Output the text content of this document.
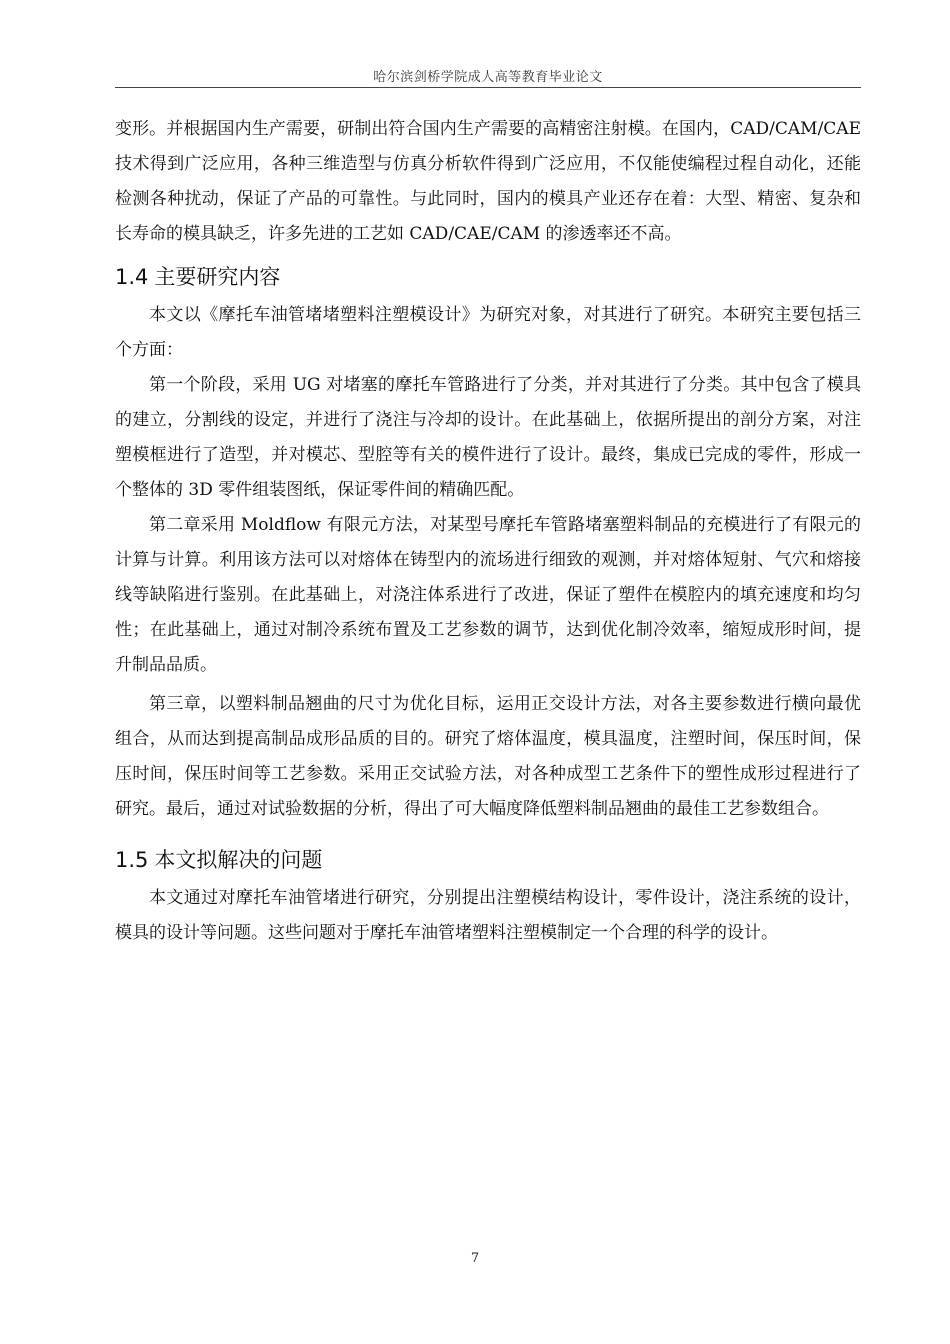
哈尔滨剑桥学院成人高等教育毕业论文

变形。并根据国内生产需要，研制出符合国内生产需要的高精密注射模。在国内，CAD/CAM/CAE 技术得到广泛应用，各种三维造型与仿真分析软件得到广泛应用，不仅能使编程过程自动化，还能检测各种扰动，保证了产品的可靠性。与此同时，国内的模具产业还存在着：大型、精密、复杂和长寿命的模具缺乏，许多先进的工艺如 CAD/CAE/CAM 的渗透率还不高。

1.4 主要研究内容

本文以《摩托车油管堵堵塑料注塑模设计》为研究对象，对其进行了研究。本研究主要包括三个方面：

第一个阶段，采用 UG 对堵塞的摩托车管路进行了分类，并对其进行了分类。其中包含了模具的建立，分割线的设定，并进行了浇注与冷却的设计。在此基础上，依据所提出的剖分方案，对注塑模框进行了造型，并对模芯、型腔等有关的模件进行了设计。最终，集成已完成的零件，形成一个整体的 3D 零件组装图纸，保证零件间的精确匹配。

第二章采用 Moldflow 有限元方法，对某型号摩托车管路堵塞塑料制品的充模进行了有限元的计算与计算。利用该方法可以对熔体在铸型内的流场进行细致的观测，并对熔体短射、气穴和熔接线等缺陷进行鉴别。在此基础上，对浇注体系进行了改进，保证了塑件在模腔内的填充速度和均匀性；在此基础上，通过对制冷系统布置及工艺参数的调节，达到优化制冷效率，缩短成形时间，提升制品品质。

第三章，以塑料制品翘曲的尺寸为优化目标，运用正交设计方法，对各主要参数进行横向最优组合，从而达到提高制品成形品质的目的。研究了熔体温度，模具温度，注塑时间，保压时间，保压时间，保压时间等工艺参数。采用正交试验方法，对各种成型工艺条件下的塑性成形过程进行了研究。最后，通过对试验数据的分析，得出了可大幅度降低塑料制品翘曲的最佳工艺参数组合。

1.5 本文拟解决的问题

本文通过对摩托车油管堵进行研究，分别提出注塑模结构设计，零件设计，浇注系统的设计，模具的设计等问题。这些问题对于摩托车油管堵塑料注塑模制定一个合理的科学的设计。

7
